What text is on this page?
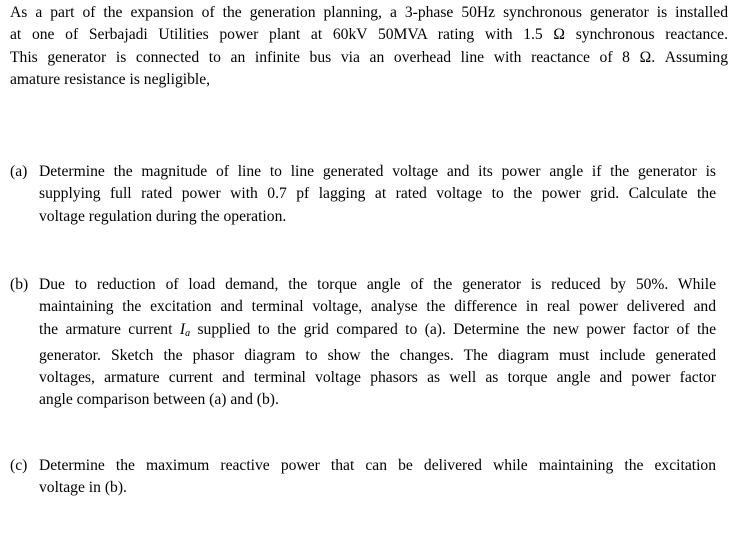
As a part of the expansion of the generation planning, a 3-phase 50Hz synchronous generator is installed
at one of Serbajadi Utilities power plant at 60kV 50MVA rating with 1.5 Ω synchronous reactance.
This generator is connected to an infinite bus via an overhead line with reactance of 8 Ω. Assuming
amature resistance is negligible,
(a) Determine the magnitude of line to line generated voltage and its power angle if the generator is
supplying full rated power with 0.7 pf lagging at rated voltage to the power grid. Calculate the
voltage regulation during the operation.
(b) Due to reduction of load demand, the torque angle of the generator is reduced by 50%. While
maintaining the excitation and terminal voltage, analyse the difference in real power delivered and
the armature current $I_a$ supplied to the grid compared to (a). Determine the new power factor of the
generator. Sketch the phasor diagram to show the changes. The diagram must include generated
voltages, armature current and terminal voltage phasors as well as torque angle and power factor
angle comparison between (a) and (b).
(c) Determine the maximum reactive power that can be delivered while maintaining the excitation
voltage in (b).
